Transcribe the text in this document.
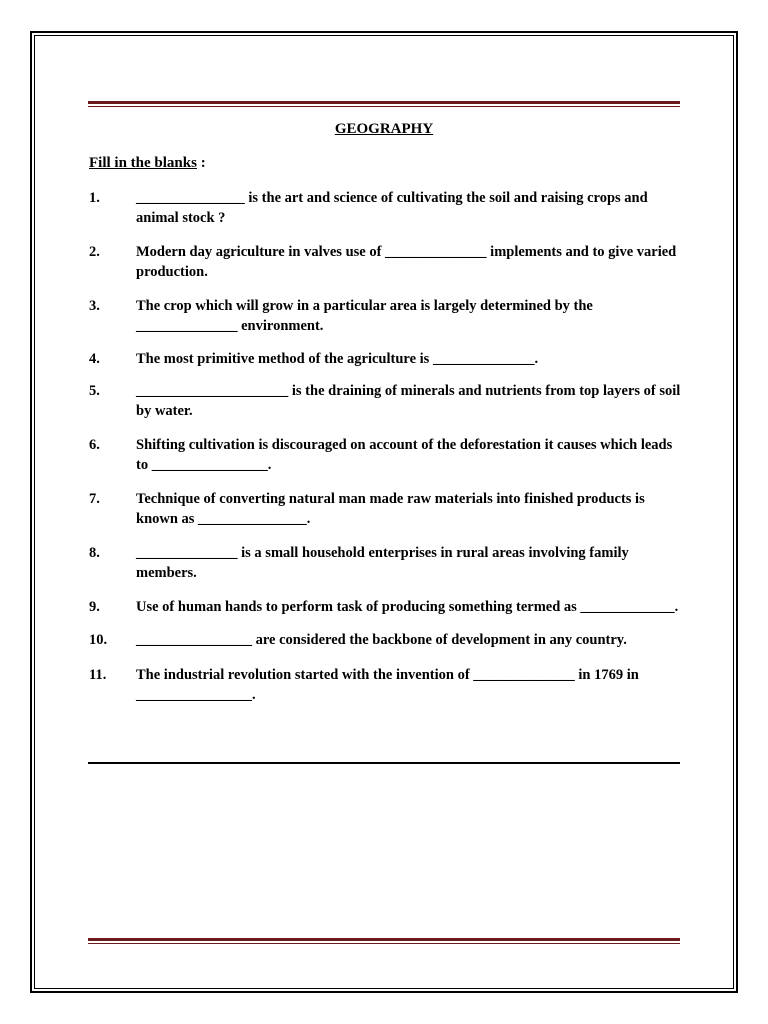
GEOGRAPHY
Fill in the blanks :
1.	_______________ is the art and science of cultivating the soil and raising crops and animal stock ?
2.	Modern day agriculture in valves use of ______________ implements and to give varied production.
3.	The crop which will grow in a particular area is largely determined by the ______________ environment.
4.	The most primitive method of the agriculture is ______________.
5.	_____________________ is the draining of minerals and nutrients from top layers of soil by water.
6.	Shifting cultivation is discouraged on account of the deforestation it causes which leads to ________________.
7.	Technique of converting natural man made raw materials into finished products is known as _______________.
8.	______________ is a small household enterprises in rural areas involving family members.
9.	Use of human hands to perform task of producing something termed as _____________.
10.	________________ are considered the backbone of development in any country.
11.	The industrial revolution started with the invention of ______________ in 1769 in ________________.
